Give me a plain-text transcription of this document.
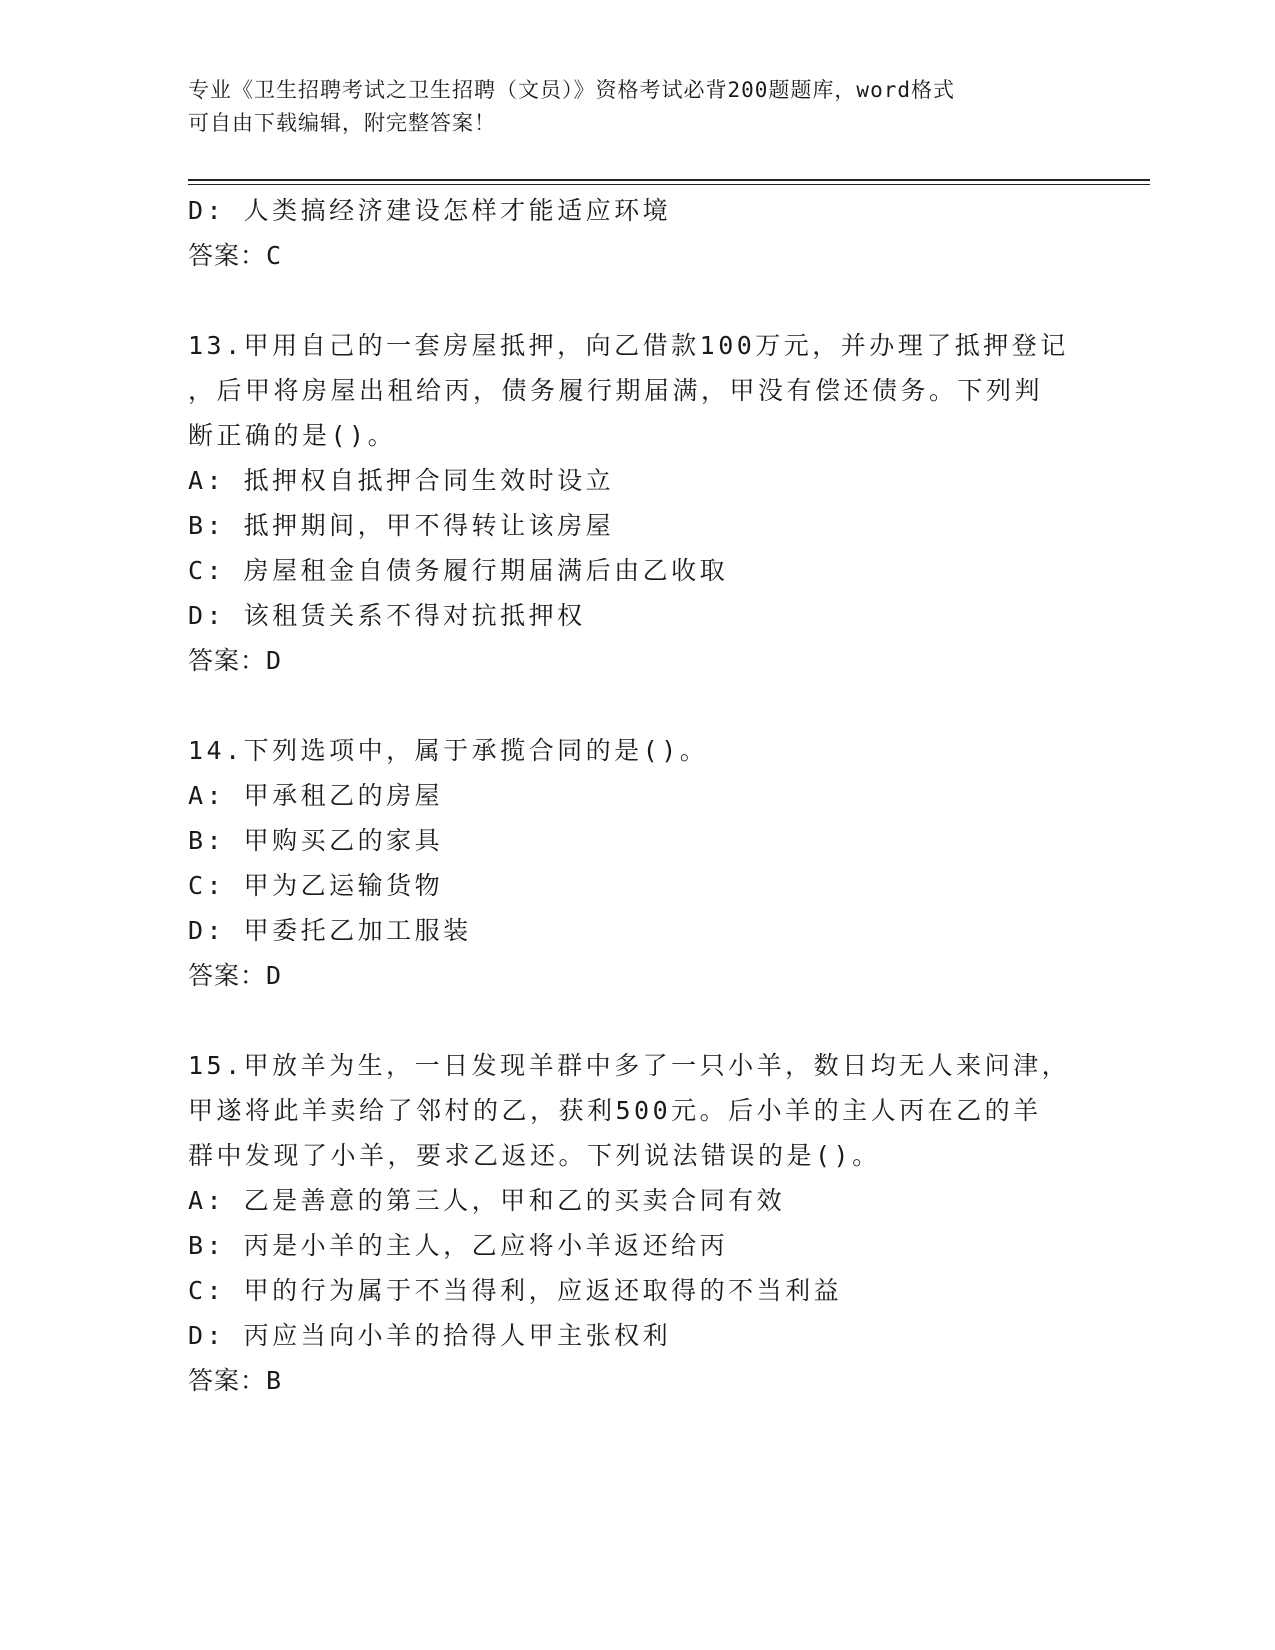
专业《卫生招聘考试之卫生招聘（文员）》资格考试必背200题题库，word格式
可自由下载编辑，附完整答案！
D: 人类搞经济建设怎样才能适应环境
答案：C
13.甲用自己的一套房屋抵押，向乙借款100万元，并办理了抵押登记
，后甲将房屋出租给丙，债务履行期届满，甲没有偿还债务。下列判
断正确的是()。
A: 抵押权自抵押合同生效时设立
B: 抵押期间，甲不得转让该房屋
C: 房屋租金自债务履行期届满后由乙收取
D: 该租赁关系不得对抗抵押权
答案：D
14.下列选项中，属于承揽合同的是()。
A: 甲承租乙的房屋
B: 甲购买乙的家具
C: 甲为乙运输货物
D: 甲委托乙加工服装
答案：D
15.甲放羊为生，一日发现羊群中多了一只小羊，数日均无人来问津，
甲遂将此羊卖给了邻村的乙，获利500元。后小羊的主人丙在乙的羊
群中发现了小羊，要求乙返还。下列说法错误的是()。
A: 乙是善意的第三人，甲和乙的买卖合同有效
B: 丙是小羊的主人，乙应将小羊返还给丙
C: 甲的行为属于不当得利，应返还取得的不当利益
D: 丙应当向小羊的拾得人甲主张权利
答案：B
